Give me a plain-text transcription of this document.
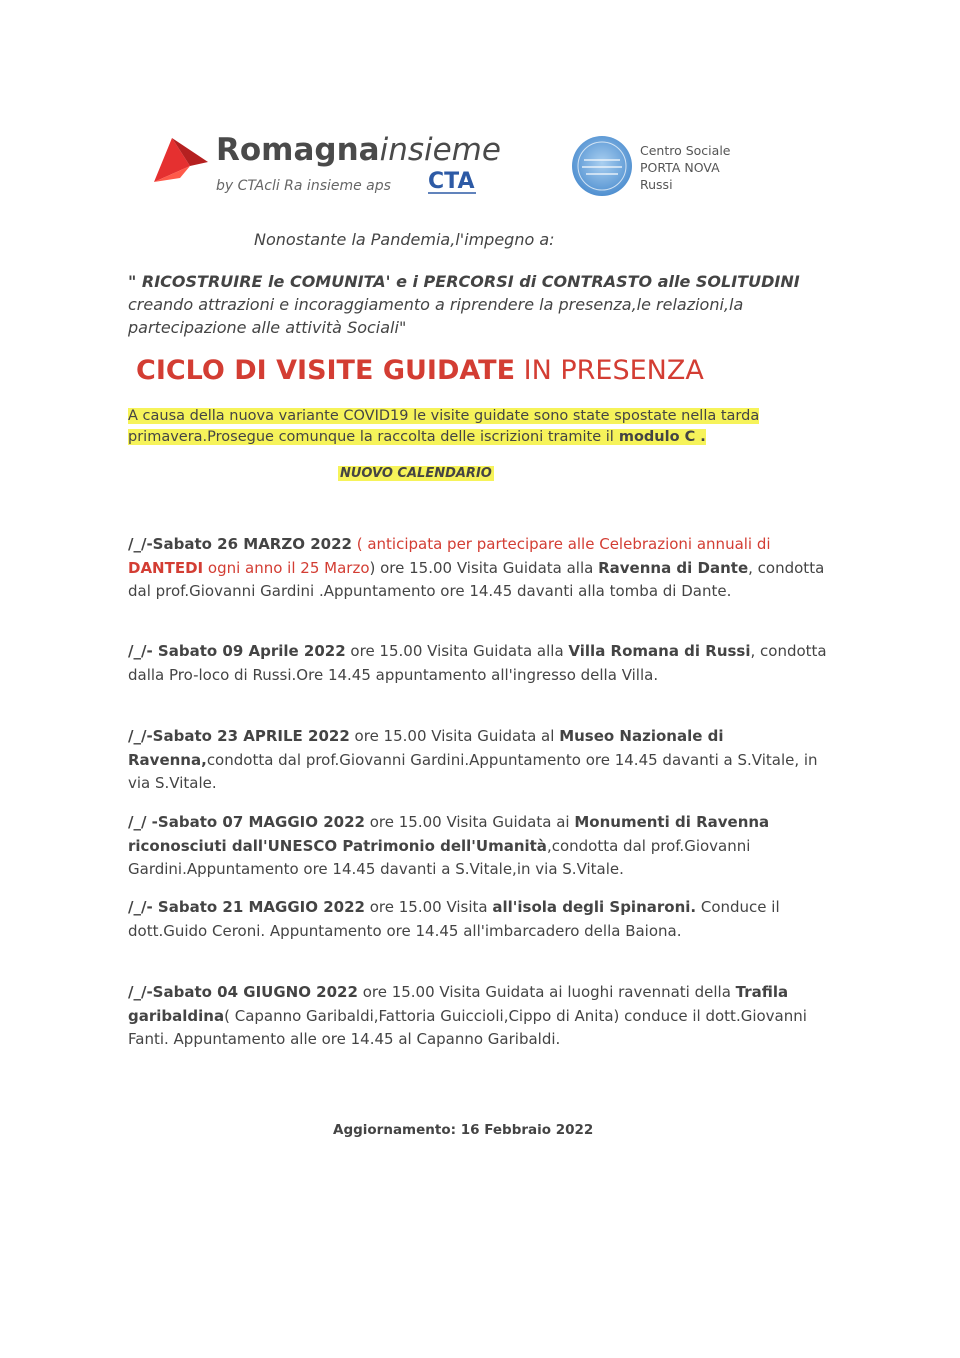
Romagnainsieme
by CTAcli Ra insieme aps CTA
Centro Sociale
PORTA NOVA
Russi
Nonostante la Pandemia,l'impegno a:
" RICOSTRUIRE le COMUNITA' e i PERCORSI di CONTRASTO alle SOLITUDINI creando attrazioni e incoraggiamento a riprendere la presenza,le relazioni,la partecipazione alle attività Sociali"
CICLO DI VISITE GUIDATE IN PRESENZA
A causa della nuova variante COVID19 le visite guidate sono state spostate nella tarda primavera.Prosegue comunque la raccolta delle iscrizioni tramite il modulo C .
NUOVO CALENDARIO
/_/-Sabato 26 MARZO 2022 ( anticipata per partecipare alle Celebrazioni annuali di DANTEDI ogni anno il 25 Marzo) ore 15.00 Visita Guidata alla Ravenna di Dante, condotta dal prof.Giovanni Gardini .Appuntamento ore 14.45 davanti alla tomba di Dante.
/_/- Sabato 09 Aprile 2022 ore 15.00 Visita Guidata alla Villa Romana di Russi, condotta dalla Pro-loco di Russi.Ore 14.45 appuntamento all'ingresso della Villa.
/_/-Sabato 23 APRILE 2022 ore 15.00 Visita Guidata al Museo Nazionale di Ravenna,condotta dal prof.Giovanni Gardini.Appuntamento ore 14.45 davanti a S.Vitale, in via S.Vitale.
/_/ -Sabato 07 MAGGIO 2022 ore 15.00 Visita Guidata ai Monumenti di Ravenna riconosciuti dall'UNESCO Patrimonio dell'Umanità,condotta dal prof.Giovanni Gardini.Appuntamento ore 14.45 davanti a S.Vitale,in via S.Vitale.
/_/- Sabato 21 MAGGIO 2022 ore 15.00 Visita all'isola degli Spinaroni. Conduce il dott.Guido Ceroni. Appuntamento ore 14.45 all'imbarcadero della Baiona.
/_/-Sabato 04 GIUGNO 2022 ore 15.00 Visita Guidata ai luoghi ravennati della Trafila garibaldina( Capanno Garibaldi,Fattoria Guiccioli,Cippo di Anita) conduce il dott.Giovanni Fanti. Appuntamento alle ore 14.45 al Capanno Garibaldi.
Aggiornamento: 16 Febbraio 2022
